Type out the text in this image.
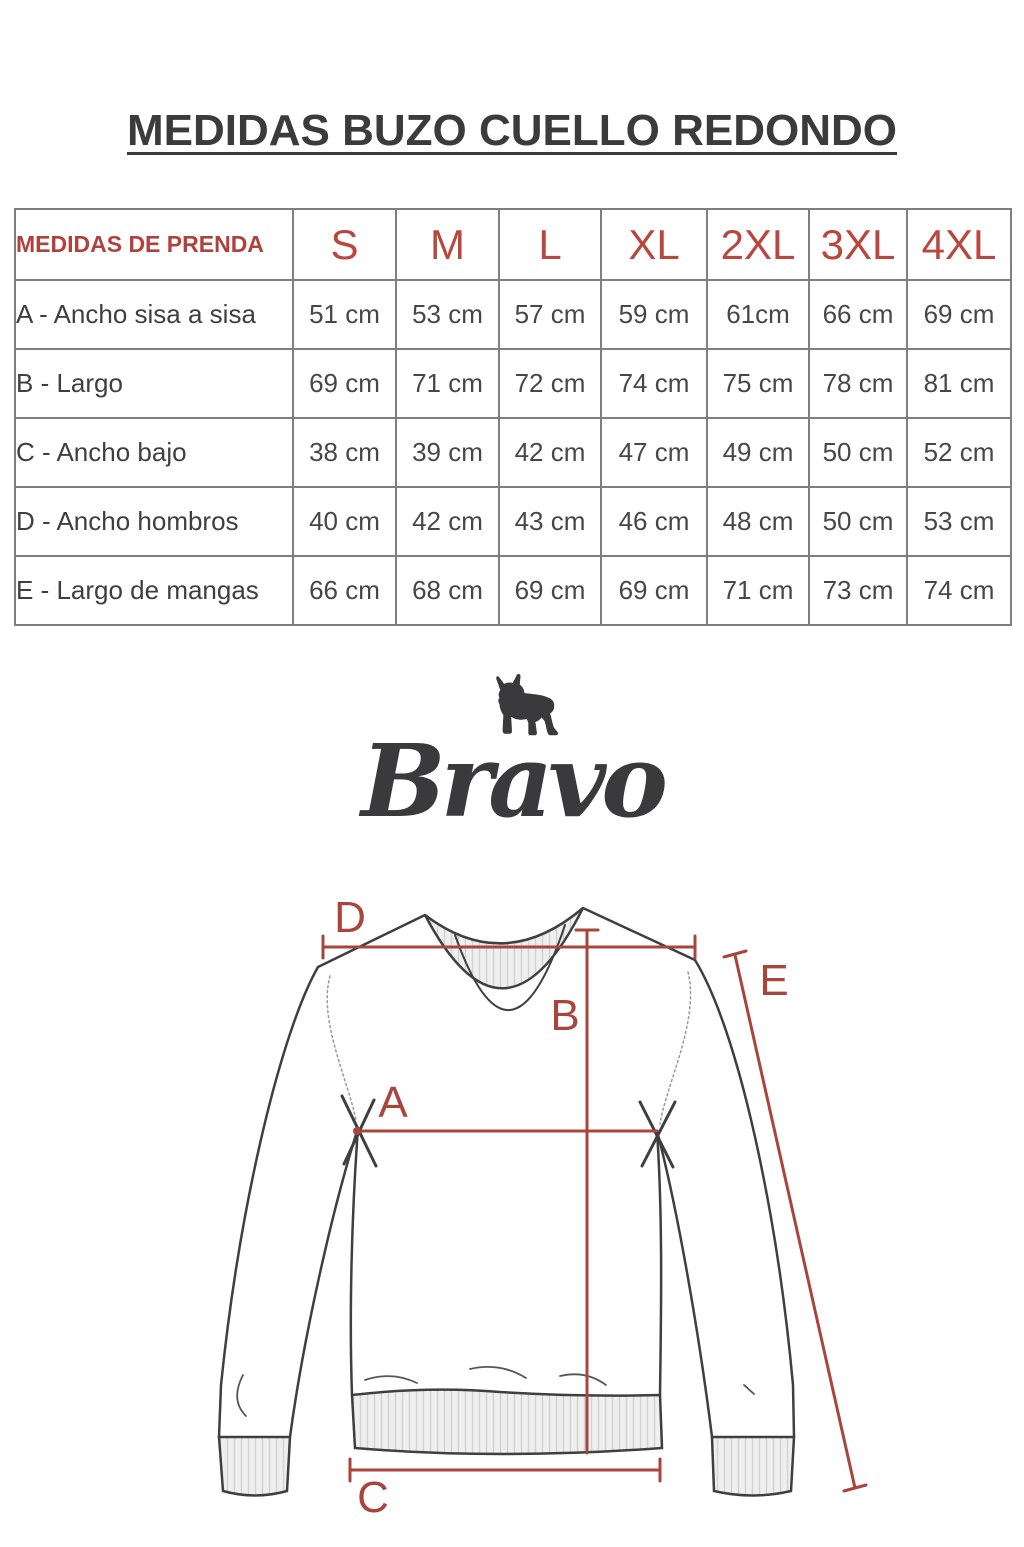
MEDIDAS BUZO CUELLO REDONDO
MEDIDAS DE PRENDA	S	M	L	XL	2XL	3XL	4XL
A - Ancho sisa a sisa	51 cm	53 cm	57 cm	59 cm	61cm	66 cm	69 cm
B - Largo	69 cm	71 cm	72 cm	74 cm	75 cm	78 cm	81 cm
C - Ancho bajo	38 cm	39 cm	42 cm	47 cm	49 cm	50 cm	52 cm
D - Ancho hombros	40 cm	42 cm	43 cm	46 cm	48 cm	50 cm	53 cm
E - Largo de mangas	66 cm	68 cm	69 cm	69 cm	71 cm	73 cm	74 cm
Bravo
D
B
A
C
E
